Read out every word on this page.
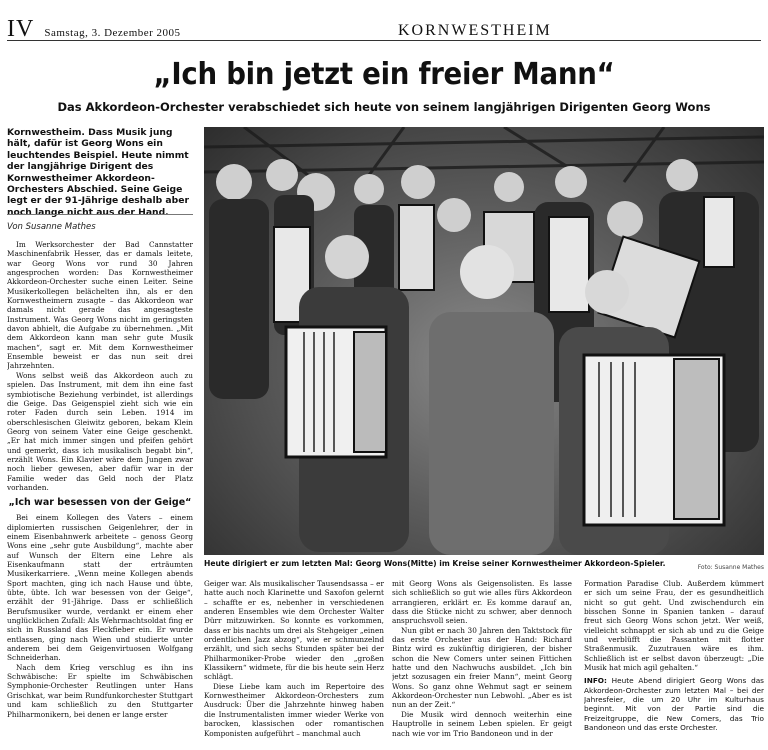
IV Samstag, 3. Dezember 2005	KORNWESTHEIM
„Ich bin jetzt ein freier Mann“
Das Akkordeon-Orchester verabschiedet sich heute von seinem langjährigen Dirigenten Georg Wons
Kornwestheim. Dass Musik jung hält, dafür ist Georg Wons ein leuchtendes Beispiel. Heute nimmt der langjährige Dirigent des Kornwestheimer Akkordeon-Orchesters Abschied. Seine Geige legt er der 91-Jährige deshalb aber noch lange nicht aus der Hand.
Von Susanne Mathes

Im Werksorchester der Bad Cannstatter Maschinenfabrik Hesser, das er damals leitete, war Georg Wons vor rund 30 Jahren angesprochen worden: Das Kornwestheimer Akkordeon-Orchester suche einen Leiter. Seine Musikerkollegen belächelten ihn, als er den Kornwestheimern zusagte – das Akkordeon war damals nicht gerade das angesagteste Instrument. Was Georg Wons nicht im geringsten davon abhielt, die Aufgabe zu übernehmen. „Mit dem Akkordeon kann man sehr gute Musik machen“, sagt er. Mit dem Kornwestheimer Ensemble beweist er das nun seit drei Jahrzehnten.

Wons selbst weiß das Akkordeon auch zu spielen. Das Instrument, mit dem ihn eine fast symbiotische Beziehung verbindet, ist allerdings die Geige. Das Geigenspiel zieht sich wie ein roter Faden durch sein Leben. 1914 im oberschlesischen Gleiwitz geboren, bekam Klein Georg von seinem Vater eine Geige geschenkt. „Er hat mich immer singen und pfeifen gehört und gemerkt, dass ich musikalisch begabt bin“, erzählt Wons. Ein Klavier wäre dem Jungen zwar noch lieber gewesen, aber dafür war in der Familie weder das Geld noch der Platz vorhanden.

„Ich war besessen von der Geige“

Bei einem Kollegen des Vaters – einem diplomierten russischen Geigenlehrer, der in einem Eisenbahnwerk arbeitete – genoss Georg Wons eine „sehr gute Ausbildung“, machte aber auf Wunsch der Eltern eine Lehre als Eisenkaufmann statt der erträumten Musikerkarriere. „Wenn meine Kollegen abends Sport machten, ging ich nach Hause und übte, übte, übte. Ich war besessen von der Geige“, erzählt der 91-Jährige. Dass er schließlich Berufsmusiker wurde, verdankt er einem eher unglücklichen Zufall: Als Wehrmachtsoldat fing er sich in Russland das Fleckfieber ein. Er wurde entlassen, ging nach Wien und studierte unter anderem bei dem Geigenvirtuosen Wolfgang Schneiderhan.

Nach dem Krieg verschlug es ihn ins Schwäbische: Er spielte im Schwäbischen Symphonie-Orchester Reutlingen unter Hans Grischkat, war beim Rundfunkorchester Stuttgart und kam schließlich zu den Stuttgarter Philharmonikern, bei denen er lange erster

Heute dirigiert er zum letzten Mal: Georg Wons(Mitte) im Kreise seiner Kornwestheimer Akkordeon-Spieler.	Foto: Susanne Mathes

Geiger war. Als musikalischer Tausendsassa – er hatte auch noch Klarinette und Saxofon gelernt – schaffte er es, nebenher in verschiedenen anderen Ensembles wie dem Orchester Walter Dürr mitzuwirken. So konnte es vorkommen, dass er bis nachts um drei als Stehgeiger „einen ordentlichen Jazz abzog“, wie er schmunzelnd erzählt, und sich sechs Stunden später bei der Philharmoniker-Probe wieder den „großen Klassikern“ widmete, für die bis heute sein Herz schlägt.

Diese Liebe kam auch im Repertoire des Kornwestheimer Akkordeon-Orchesters zum Ausdruck: Über die Jahrzehnte hinweg haben die Instrumentalisten immer wieder Werke von barocken, klassischen oder romantischen Komponisten aufgeführt – manchmal auch

mit Georg Wons als Geigensolisten. Es lasse sich schließlich so gut wie alles fürs Akkordeon arrangieren, erklärt er. Es komme darauf an, dass die Stücke nicht zu schwer, aber dennoch anspruchsvoll seien.

Nun gibt er nach 30 Jahren den Taktstock für das erste Orchester aus der Hand: Richard Bintz wird es zukünftig dirigieren, der bisher schon die New Comers unter seinen Fittichen hatte und den Nachwuchs ausbildet. „Ich bin jetzt sozusagen ein freier Mann“, meint Georg Wons. So ganz ohne Wehmut sagt er seinem Akkordeon-Orchester nun Lebwohl. „Aber es ist nun an der Zeit.“

Die Musik wird dennoch weiterhin eine Hauptrolle in seinem Leben spielen. Er geigt nach wie vor im Trio Bandoneon und in der

Formation Paradise Club. Außerdem kümmert er sich um seine Frau, der es gesundheitlich nicht so gut geht. Und zwischendurch ein bisschen Sonne in Spanien tanken – darauf freut sich Georg Wons schon jetzt. Wer weiß, vielleicht schnappt er sich ab und zu die Geige und verblüfft die Passanten mit flotter Straßenmusik. Zuzutrauen wäre es ihm. Schließlich ist er selbst davon überzeugt: „Die Musik hat mich agil gehalten.“

INFO: Heute Abend dirigiert Georg Wons das Akkordeon-Orchester zum letzten Mal – bei der Jahresfeier, die um 20 Uhr im Kulturhaus beginnt. Mit von der Partie sind die Freizeitgruppe, die New Comers, das Trio Bandoneon und das erste Orchester.
